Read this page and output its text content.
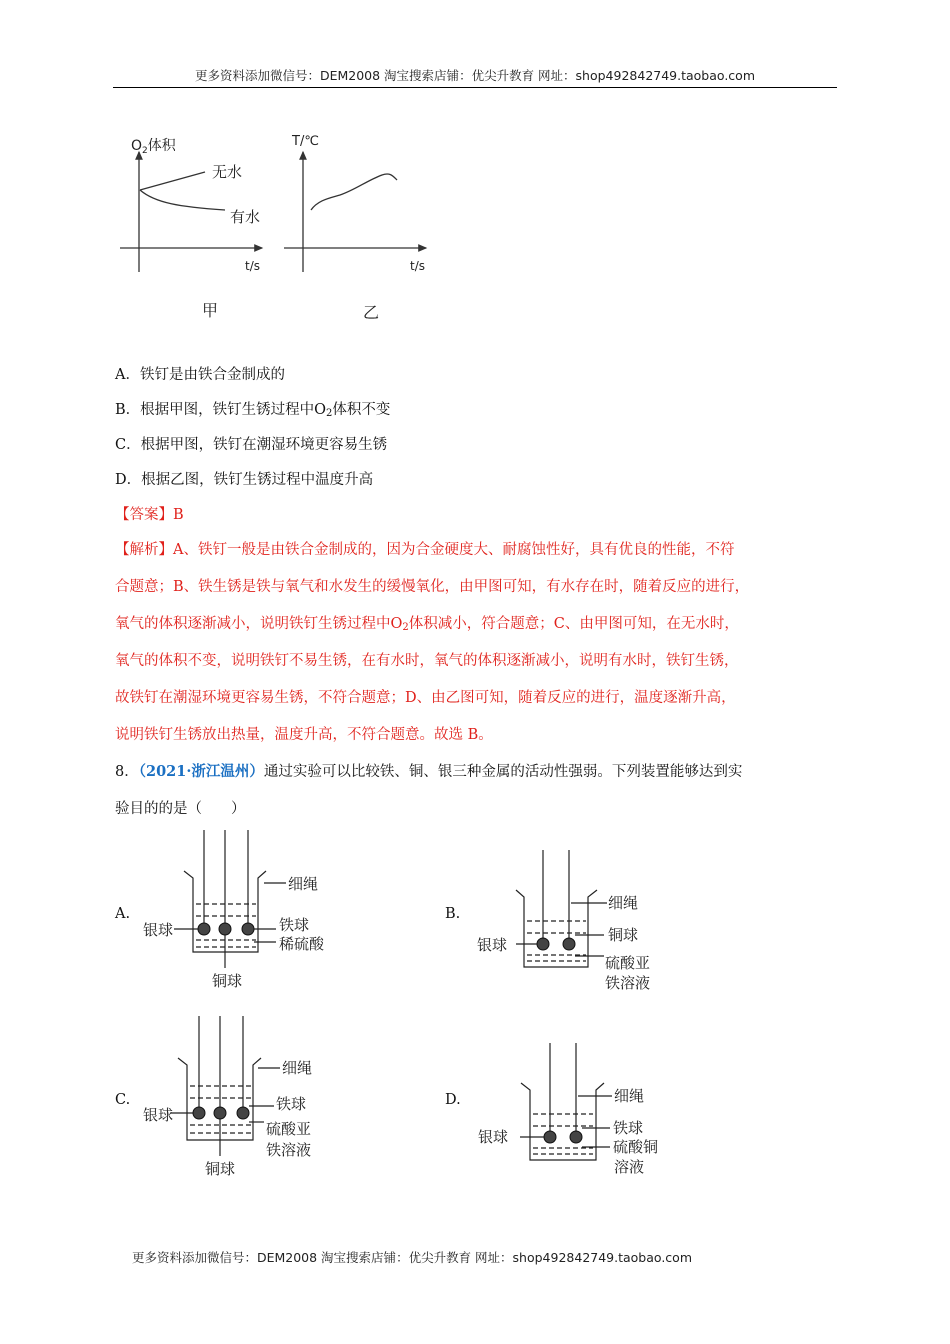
更多资料添加微信号：DEM2008 淘宝搜索店铺：优尖升教育 网址：shop492842749.taobao.com
$O_2$体积
t/s
无水
有水
甲
T/℃
t/s
乙
A．铁钉是由铁合金制成的
B．根据甲图，铁钉生锈过程中$O_2$体积不变
C．根据甲图，铁钉在潮湿环境更容易生锈
D．根据乙图，铁钉生锈过程中温度升高
【答案】B
【解析】A、铁钉一般是由铁合金制成的，因为合金硬度大、耐腐蚀性好，具有优良的性能，不符
合题意；B、铁生锈是铁与氧气和水发生的缓慢氧化，由甲图可知，有水存在时，随着反应的进行，
氧气的体积逐渐减小，说明铁钉生锈过程中$O_2$体积减小，符合题意；C、由甲图可知，在无水时，
氧气的体积不变，说明铁钉不易生锈，在有水时，氧气的体积逐渐减小，说明有水时，铁钉生锈，
故铁钉在潮湿环境更容易生锈，不符合题意；D、由乙图可知，随着反应的进行，温度逐渐升高，
说明铁钉生锈放出热量，温度升高，不符合题意。故选 B。
8．（2021·浙江温州）通过实验可以比较铁、铜、银三种金属的活动性强弱。下列装置能够达到实
验目的的是（　　）
A.	B.
C.	D.
细绳
银球	铁球
稀硫酸
铜球
细绳
银球
铜球
硫酸亚
铁溶液
细绳
银球
铁球
硫酸亚
铁溶液
铜球
细绳
银球	铁球
硫酸铜
溶液
更多资料添加微信号：DEM2008 淘宝搜索店铺：优尖升教育 网址：shop492842749.taobao.com
